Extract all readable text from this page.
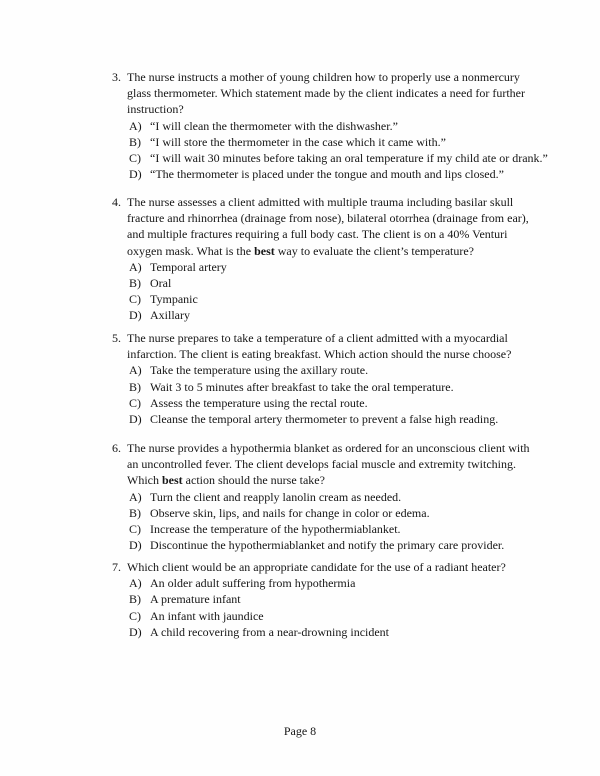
3. The nurse instructs a mother of young children how to properly use a nonmercury glass thermometer. Which statement made by the client indicates a need for further instruction?

A) “I will clean the thermometer with the dishwasher.”
B) “I will store the thermometer in the case which it came with.”
C) “I will wait 30 minutes before taking an oral temperature if my child ate or drank.”
D) “The thermometer is placed under the tongue and mouth and lips closed.”
4. The nurse assesses a client admitted with multiple trauma including basilar skull fracture and rhinorrhea (drainage from nose), bilateral otorrhea (drainage from ear), and multiple fractures requiring a full body cast. The client is on a 40% Venturi oxygen mask. What is the best way to evaluate the client’s temperature?

A) Temporal artery
B) Oral
C) Tympanic
D) Axillary
5. The nurse prepares to take a temperature of a client admitted with a myocardial infarction. The client is eating breakfast. Which action should the nurse choose?

A) Take the temperature using the axillary route.
B) Wait 3 to 5 minutes after breakfast to take the oral temperature.
C) Assess the temperature using the rectal route.
D) Cleanse the temporal artery thermometer to prevent a false high reading.
6. The nurse provides a hypothermia blanket as ordered for an unconscious client with an uncontrolled fever. The client develops facial muscle and extremity twitching. Which best action should the nurse take?

A) Turn the client and reapply lanolin cream as needed.
B) Observe skin, lips, and nails for change in color or edema.
C) Increase the temperature of the hypothermiablanket.
D) Discontinue the hypothermiablanket and notify the primary care provider.
7. Which client would be an appropriate candidate for the use of a radiant heater?

A) An older adult suffering from hypothermia
B) A premature infant
C) An infant with jaundice
D) A child recovering from a near-drowning incident
Page 8
